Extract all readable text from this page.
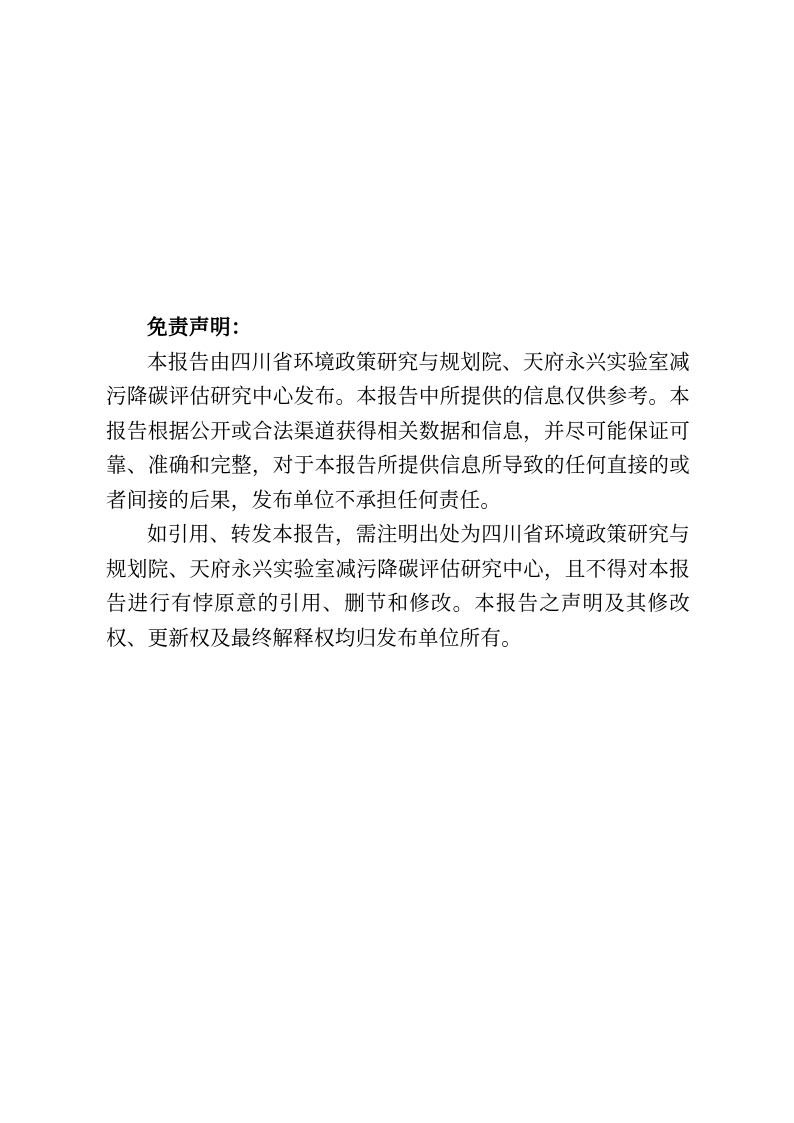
免责声明：

本报告由四川省环境政策研究与规划院、天府永兴实验室减污降碳评估研究中心发布。本报告中所提供的信息仅供参考。本报告根据公开或合法渠道获得相关数据和信息，并尽可能保证可靠、准确和完整，对于本报告所提供信息所导致的任何直接的或者间接的后果，发布单位不承担任何责任。

如引用、转发本报告，需注明出处为四川省环境政策研究与规划院、天府永兴实验室减污降碳评估研究中心，且不得对本报告进行有悖原意的引用、删节和修改。本报告之声明及其修改权、更新权及最终解释权均归发布单位所有。
